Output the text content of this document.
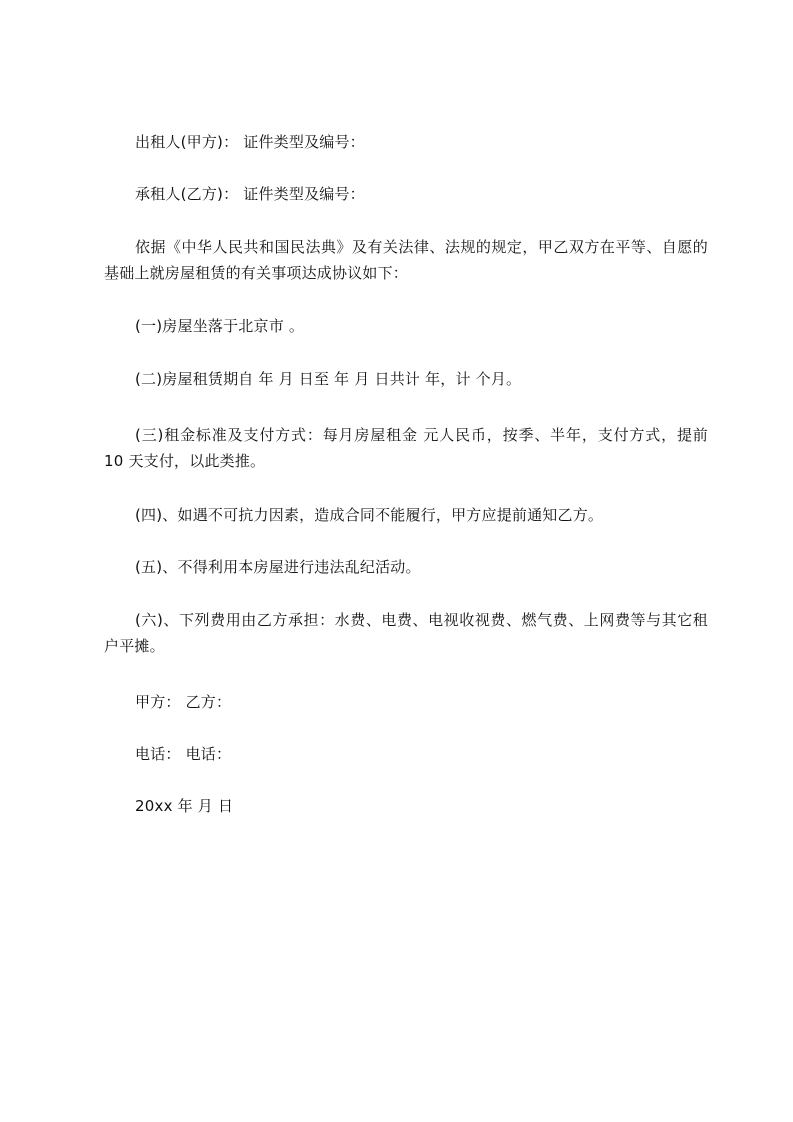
出租人(甲方)： 证件类型及编号：
承租人(乙方)： 证件类型及编号：
依据《中华人民共和国民法典》及有关法律、法规的规定，甲乙双方在平等、自愿的基础上就房屋租赁的有关事项达成协议如下：
(一)房屋坐落于北京市 。
(二)房屋租赁期自 年 月 日至 年 月 日共计 年，计 个月。
(三)租金标准及支付方式：每月房屋租金 元人民币，按季、半年，支付方式，提前 10 天支付，以此类推。
(四)、如遇不可抗力因素，造成合同不能履行，甲方应提前通知乙方。
(五)、不得利用本房屋进行违法乱纪活动。
(六)、下列费用由乙方承担：水费、电费、电视收视费、燃气费、上网费等与其它租户平摊。
甲方： 乙方：
电话： 电话：
20xx 年 月 日
